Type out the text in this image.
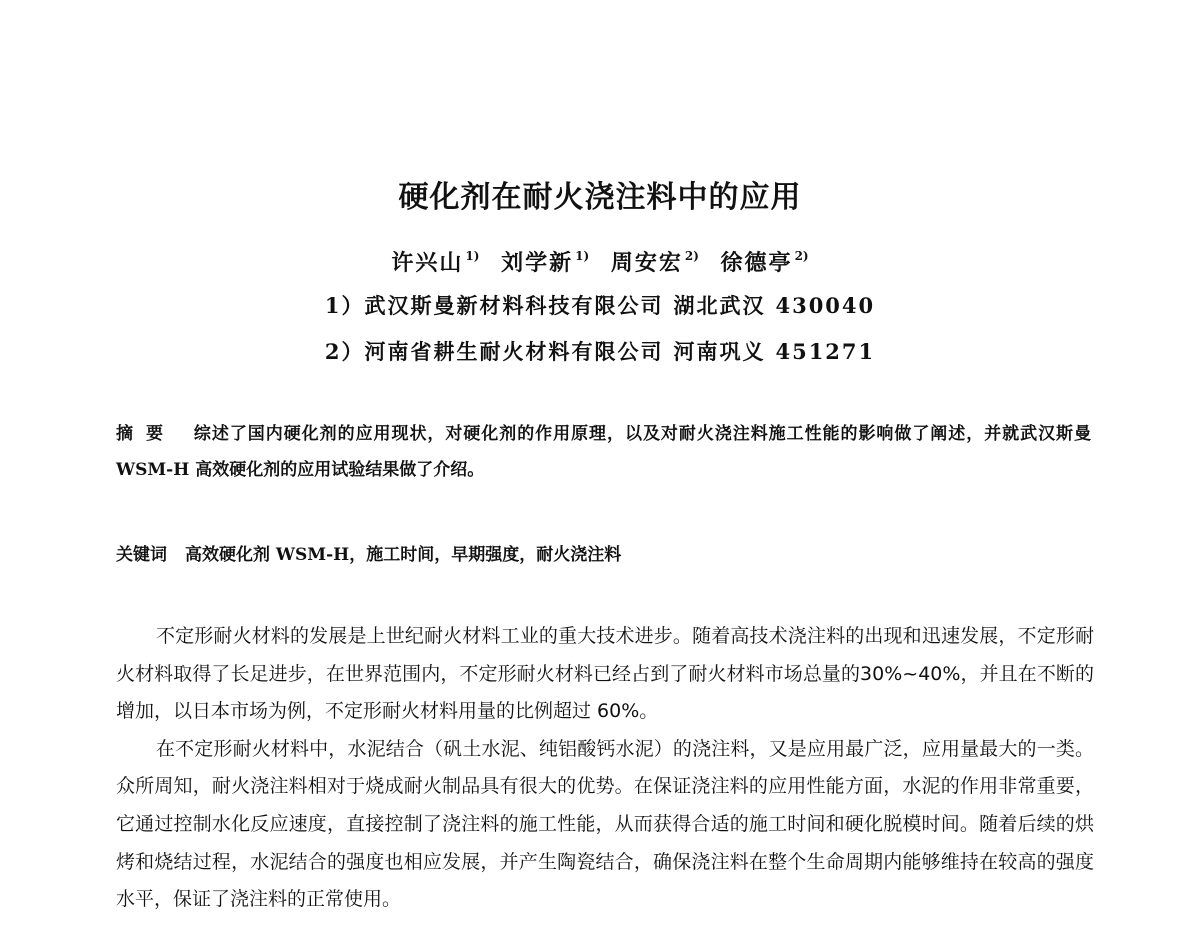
硬化剂在耐火浇注料中的应用
许兴山 $^{1)}$ 刘学新 $^{1)}$ 周安宏 $^{2)}$ 徐德亭 $^{2)}$
1）武汉斯曼新材料科技有限公司 湖北武汉 430040
2）河南省耕生耐火材料有限公司 河南巩义 451271
摘要 综述了国内硬化剂的应用现状，对硬化剂的作用原理，以及对耐火浇注料施工性能的影响做了阐述，并就武汉斯曼 WSM-H 高效硬化剂的应用试验结果做了介绍。
关键词 高效硬化剂 WSM-H，施工时间，早期强度，耐火浇注料

不定形耐火材料的发展是上世纪耐火材料工业的重大技术进步。随着高技术浇注料的出现和迅速发展，不定形耐火材料取得了长足进步，在世界范围内，不定形耐火材料已经占到了耐火材料市场总量的30%~40%，并且在不断的增加，以日本市场为例，不定形耐火材料用量的比例超过 60%。

在不定形耐火材料中，水泥结合（矾土水泥、纯铝酸钙水泥）的浇注料，又是应用最广泛，应用量最大的一类。众所周知，耐火浇注料相对于烧成耐火制品具有很大的优势。在保证浇注料的应用性能方面，水泥的作用非常重要，它通过控制水化反应速度，直接控制了浇注料的施工性能，从而获得合适的施工时间和硬化脱模时间。随着后续的烘烤和烧结过程，水泥结合的强度也相应发展，并产生陶瓷结合，确保浇注料在整个生命周期内能够维持在较高的强度水平，保证了浇注料的正常使用。
